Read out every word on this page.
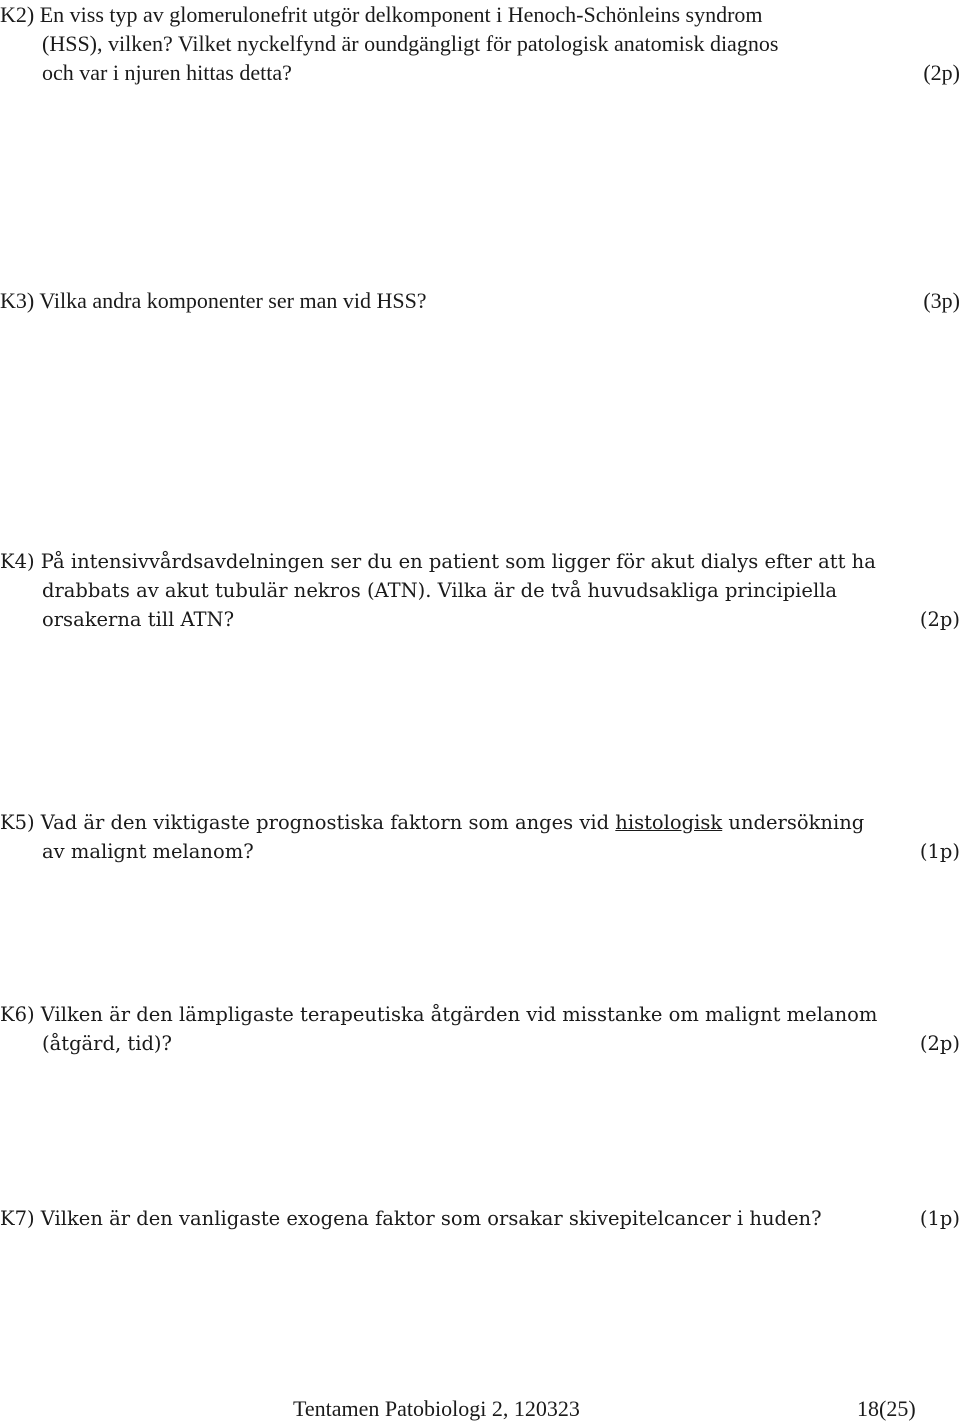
K2) En viss typ av glomerulonefrit utgör delkomponent i Henoch-Schönleins syndrom
(HSS), vilken? Vilket nyckelfynd är oundgängligt för patologisk anatomisk diagnos
och var i njuren hittas detta?	(2p)
K3) Vilka andra komponenter ser man vid HSS?	(3p)
K4) På intensivvårdsavdelningen ser du en patient som ligger för akut dialys efter att ha
drabbats av akut tubulär nekros (ATN). Vilka är de två huvudsakliga principiella
orsakerna till ATN?	(2p)
K5) Vad är den viktigaste prognostiska faktorn som anges vid histologisk undersökning
av malignt melanom?	(1p)
K6) Vilken är den lämpligaste terapeutiska åtgärden vid misstanke om malignt melanom
(åtgärd, tid)?	(2p)
K7) Vilken är den vanligaste exogena faktor som orsakar skivepitelcancer i huden?	(1p)
Tentamen Patobiologi 2, 120323	18(25)
